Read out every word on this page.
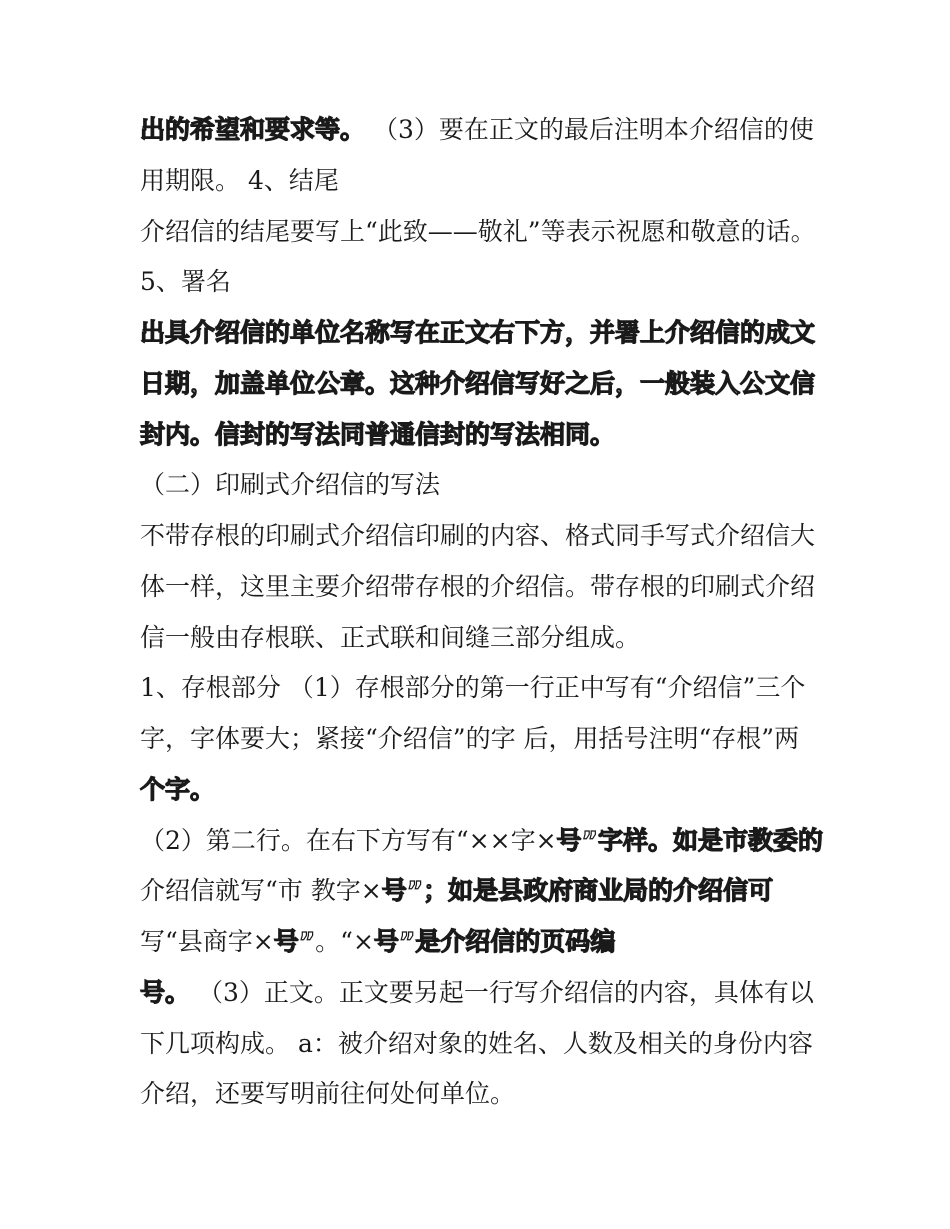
出的希望和要求等。 （3）要在正文的最后注明本介绍信的使
用期限。 4、结尾
介绍信的结尾要写上“此致——敬礼”等表示祝愿和敬意的话。
5、署名
出具介绍信的单位名称写在正文右下方，并署上介绍信的成文
日期，加盖单位公章。这种介绍信写好之后，一般装入公文信
封内。信封的写法同普通信封的写法相同。
（二）印刷式介绍信的写法
不带存根的印刷式介绍信印刷的内容、格式同手写式介绍信大
体一样，这里主要介绍带存根的介绍信。带存根的印刷式介绍
信一般由存根联、正式联和间缝三部分组成。
1、存根部分 （1）存根部分的第一行正中写有“介绍信”三个
字，字体要大；紧接“介绍信”的字 后，用括号注明“存根”两
个字。
（2）第二行。在右下方写有“××字×号”字样。如是市教委的
介绍信就写“市 教字×号”；如是县政府商业局的介绍信可
写“县商字×号”。“×号”是介绍信的页码编
号。 （3）正文。正文要另起一行写介绍信的内容，具体有以
下几项构成。 a：被介绍对象的姓名、人数及相关的身份内容
介绍，还要写明前往何处何单位。
